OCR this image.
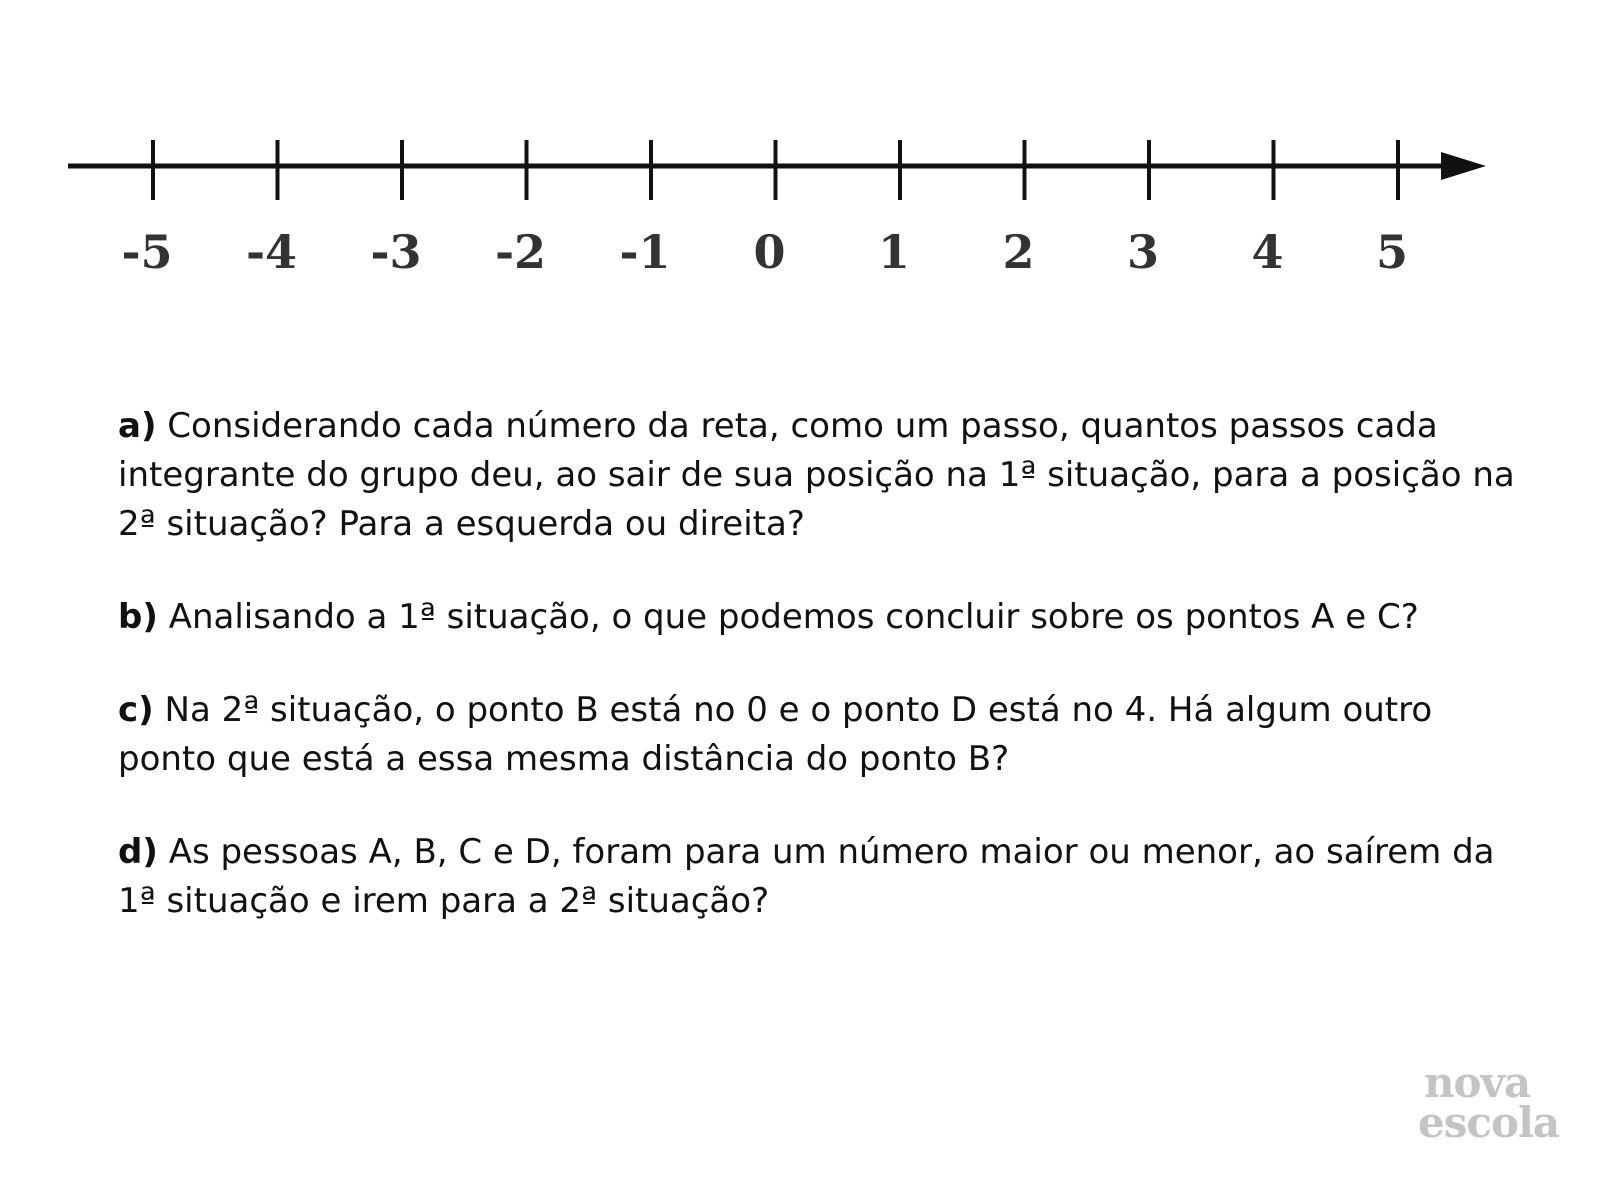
-5 -4 -3 -2 -1 0 1 2 3 4 5

a) Considerando cada número da reta, como um passo, quantos passos cada integrante do grupo deu, ao sair de sua posição na 1ª situação, para a posição na 2ª situação? Para a esquerda ou direita?

b) Analisando a 1ª situação, o que podemos concluir sobre os pontos A e C?

c) Na 2ª situação, o ponto B está no 0 e o ponto D está no 4. Há algum outro ponto que está a essa mesma distância do ponto B?

d) As pessoas A, B, C e D, foram para um número maior ou menor, ao saírem da 1ª situação e irem para a 2ª situação?

nova
escola
